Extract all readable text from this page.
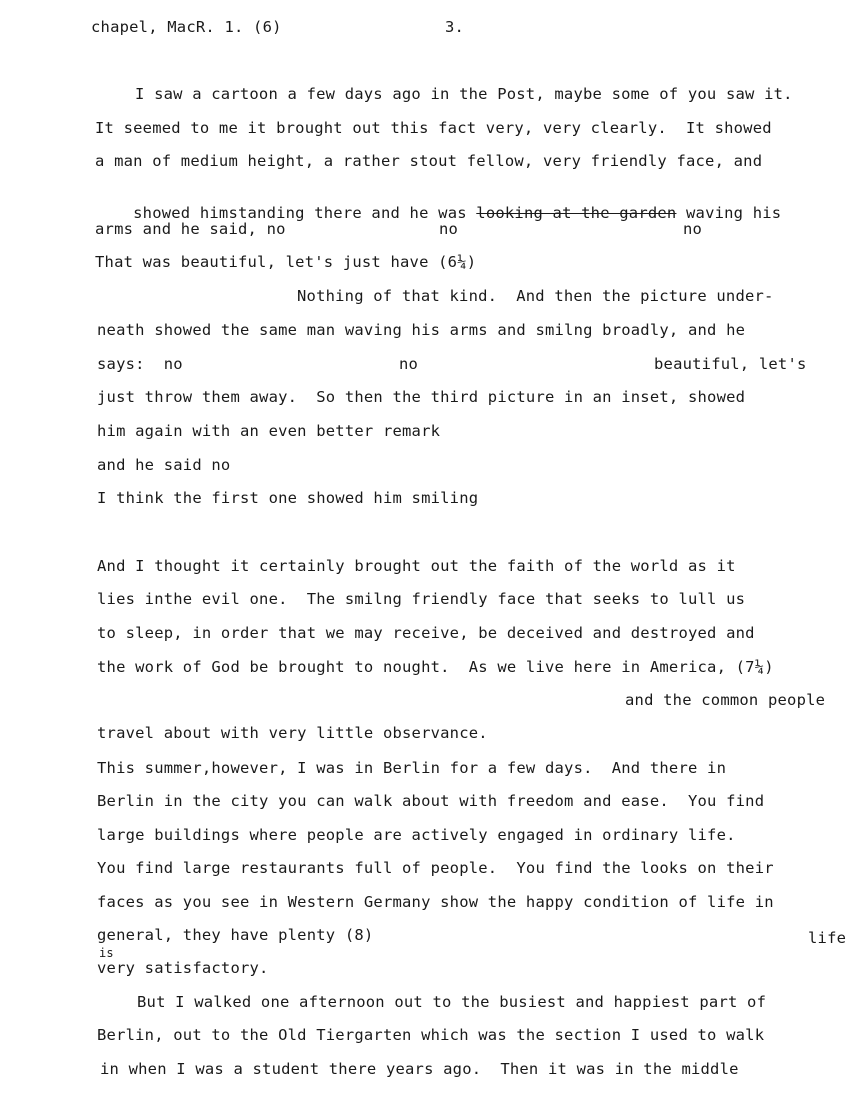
chapel, MacR. 1. (6)	3.
I saw a cartoon a few days ago in the Post, maybe some of you saw it.
It seemed to me it brought out this fact very, very clearly.  It showed
a man of medium height, a rather stout fellow, very friendly face, and

showed himstanding there and he was looking at the garden waving his

arms and he said, no	no	no
That was beautiful, let's just have (6¼)
Nothing of that kind.  And then the picture under-
neath showed the same man waving his arms and smilng broadly, and he
says:  no	no	beautiful, let's
just throw them away.  So then the third picture in an inset, showed
him again with an even better remark
and he said no
I think the first one showed him smiling
And I thought it certainly brought out the faith of the world as it
lies inthe evil one.  The smilng friendly face that seeks to lull us
to sleep, in order that we may receive, be deceived and destroyed and
the work of God be brought to nought.  As we live here in America, (7¼)
and the common people
travel about with very little observance.
This summer,however, I was in Berlin for a few days.  And there in
Berlin in the city you can walk about with freedom and ease.  You find
large buildings where people are actively engaged in ordinary life.
You find large restaurants full of people.  You find the looks on their
faces as you see in Western Germany show the happy condition of life in
general, they have plenty (8)	life
is
very satisfactory.
But I walked one afternoon out to the busiest and happiest part of
Berlin, out to the Old Tiergarten which was the section I used to walk
in when I was a student there years ago.  Then it was in the middle
